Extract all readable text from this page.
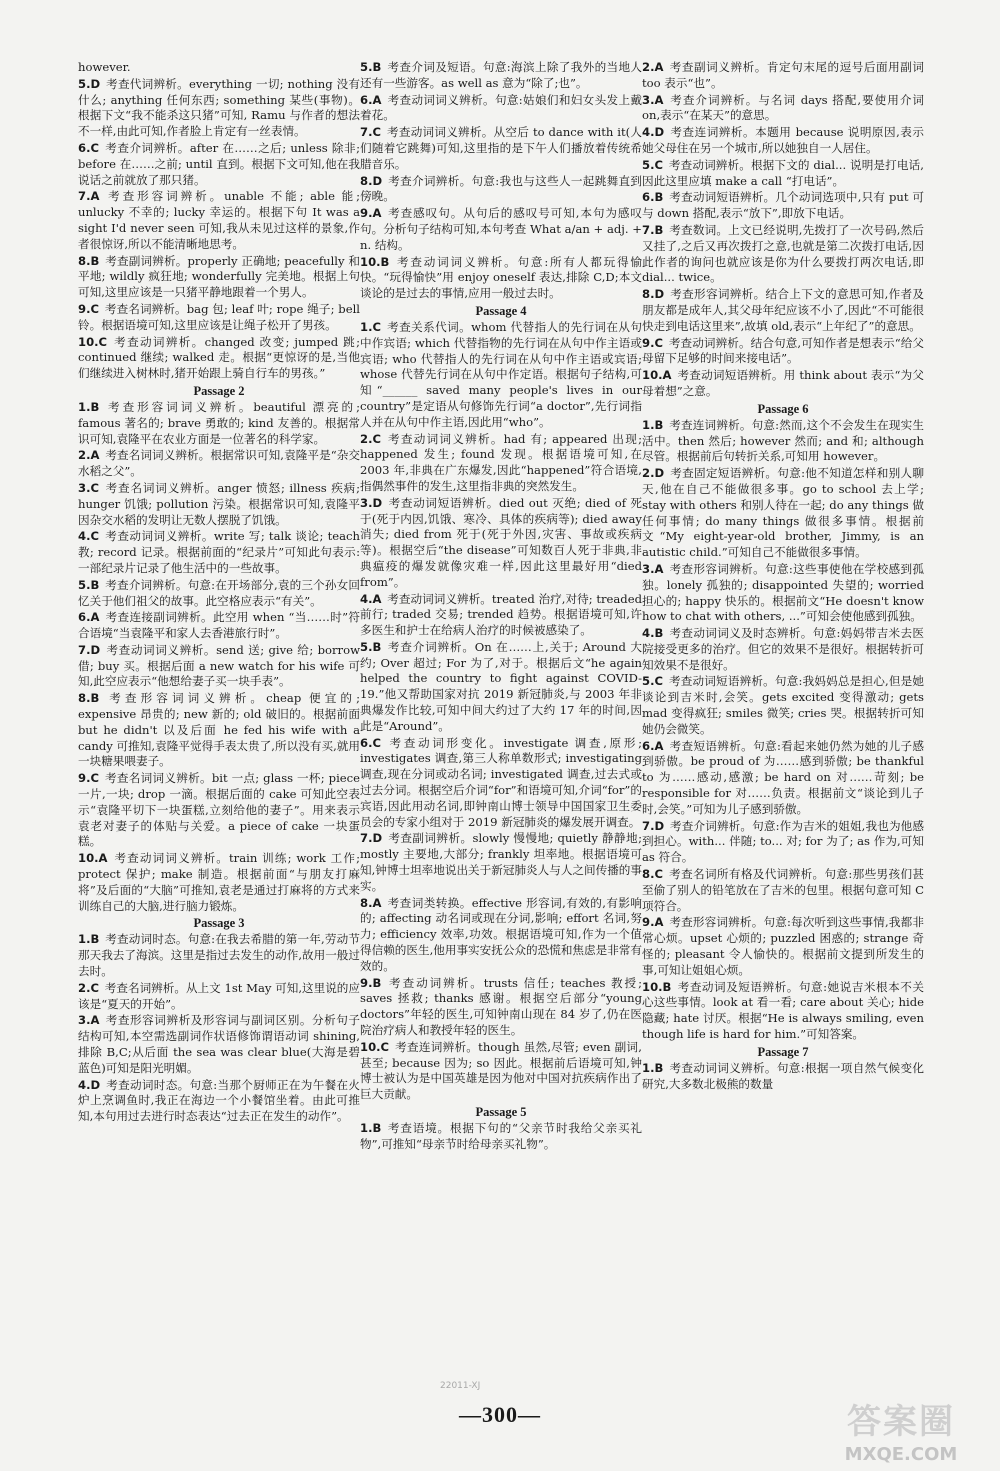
however.
5.D  考查代词辨析。everything 一切; nothing 没有什么; anything 任何东西; something 某些(事物)。根据下文“我不能杀这只猪”可知, Ramu 与作者的想法不一样,由此可知,作者脸上肯定有一丝表情。
6.C  考查介词辨析。after 在……之后; unless 除非; before 在……之前; until 直到。根据下文可知,他在我说话之前就放了那只猪。
7.A  考查形容词辨析。unable 不能; able 能; unlucky 不幸的; lucky 幸运的。根据下句 It was a sight I'd never seen 可知,我从未见过这样的景象,作者很惊讶,所以不能清晰地思考。
8.B  考查副词辨析。properly 正确地; peacefully 和平地; wildly 疯狂地; wonderfully 完美地。根据上句可知,这里应该是一只猪平静地跟着一个男人。
9.C  考查名词辨析。bag 包; leaf 叶; rope 绳子; bell 铃。根据语境可知,这里应该是让绳子松开了男孩。
10.C  考查动词辨析。changed 改变; jumped 跳; continued 继续; walked 走。根据“更惊讶的是,当他们继续进入树林时,猪开始跟上骑自行车的男孩。”
Passage 2
1.B  考查形容词词义辨析。beautiful 漂亮的; famous 著名的; brave 勇敢的; kind 友善的。根据常识可知,袁隆平在农业方面是一位著名的科学家。
2.A  考查名词词义辨析。根据常识可知,袁隆平是“杂交水稻之父”。
3.C  考查名词词义辨析。anger 愤怒; illness 疾病; hunger 饥饿; pollution 污染。根据常识可知,袁隆平因杂交水稻的发明让无数人摆脱了饥饿。
4.C  考查动词词义辨析。write 写; talk 谈论; teach 教; record 记录。根据前面的“纪录片”可知此句表示:一部纪录片记录了他生活中的一些故事。
5.B  考查介词辨析。句意:在开场部分,袁的三个孙女回忆关于他们祖父的故事。此空格应表示“有关”。
6.A  考查连接副词辨析。此空用 when “当……时”符合语境“当袁隆平和家人去香港旅行时”。
7.D  考查动词词义辨析。send 送; give 给; borrow 借; buy 买。根据后面 a new watch for his wife 可知,此空应表示“他想给妻子买一块手表”。
8.B  考查形容词词义辨析。cheap 便宜的; expensive 昂贵的; new 新的; old 破旧的。根据前面 but he didn't 以及后面 he fed his wife with a candy 可推知,袁隆平觉得手表太贵了,所以没有买,就用一块糖果喂妻子。
9.C  考查名词词义辨析。bit 一点; glass 一杯; piece 一片,一块; drop 一滴。根据后面的 cake 可知此空表示“袁隆平切下一块蛋糕,立刻给他的妻子”。用来表示袁老对妻子的体贴与关爱。a piece of cake 一块蛋糕。
10.A  考查动词词义辨析。train 训练; work 工作; protect 保护; make 制造。根据前面“与朋友打麻将”及后面的“大脑”可推知,袁老是通过打麻将的方式来训练自己的大脑,进行脑力锻炼。
Passage 3
1.B  考查动词时态。句意:在我去希腊的第一年,劳动节那天我去了海滨。这里是指过去发生的动作,故用一般过去时。
2.C  考查名词辨析。从上文 1st May 可知,这里说的应该是“夏天的开始”。
3.A  考查形容词辨析及形容词与副词区别。分析句子结构可知,本空需选副词作状语修饰谓语动词 shining,排除 B,C;从后面 the sea was clear blue(大海是碧蓝色)可知是阳光明媚。
4.D  考查动词时态。句意:当那个厨师正在为午餐在火炉上烹调鱼时,我正在海边一个小餐馆坐着。由此可推知,本句用过去进行时态表达“过去正在发生的动作”。
5.B  考查介词及短语。句意:海滨上除了我外的当地人还有一些游客。as well as 意为“除了;也”。
6.A  考查动词词义辨析。句意:姑娘们和妇女头发上戴着花。
7.C  考查动词词义辨析。从空后 to dance with it(人们随着它跳舞)可知,这里指的是下午人们播放着传统希腊音乐。
8.D  考查介词辨析。句意:我也与这些人一起跳舞直到傍晚。
9.A  考查感叹句。从句后的感叹号可知,本句为感叹句。分析句子结构可知,本句考查 What a/an + adj. + n. 结构。
10.B  考查动词词义辨析。句意:所有人都玩得愉快。“玩得愉快”用 enjoy oneself 表达,排除 C,D;本文谈论的是过去的事情,应用一般过去时。
Passage 4
1.C  考查关系代词。whom 代替指人的先行词在从句中作宾语; which 代替指物的先行词在从句中作主语或宾语; who 代替指人的先行词在从句中作主语或宾语; whose 代替先行词在从句中作定语。根据句子结构,可知“______ saved many people's lives in our country”是定语从句修饰先行词“a doctor”,先行词指人并在从句中作主语,因此用“who”。
2.C  考查动词词义辨析。had 有; appeared 出现; happened 发生; found 发现。根据语境可知,在 2003 年,非典在广东爆发,因此“happened”符合语境,指偶然事件的发生,这里指非典的突然发生。
3.D  考查动词短语辨析。died out 灭绝; died of 死于(死于内因,饥饿、寒冷、具体的疾病等); died away 消失; died from 死于(死于外因,灾害、事故或疾病等)。根据空后“the disease”可知数百人死于非典,非典瘟疫的爆发就像灾难一样,因此这里最好用“died from”。
4.A  考查动词词义辨析。treated 治疗,对待; treaded 前行; traded 交易; trended 趋势。根据语境可知,许多医生和护士在给病人治疗的时候被感染了。
5.B  考查介词辨析。On 在……上,关于; Around 大约; Over 超过; For 为了,对于。根据后文“he again helped the country to fight against COVID-19.”他又帮助国家对抗 2019 新冠肺炎,与 2003 年非典爆发作比较,可知中间大约过了大约 17 年的时间,因此是“Around”。
6.C  考查动词形变化。investigate 调查,原形; investigates 调查,第三人称单数形式; investigating 调查,现在分词或动名词; investigated 调查,过去式或过去分词。根据空后介词“for”和语境可知,介词“for”的宾语,因此用动名词,即钟南山博士领导中国国家卫生委员会的专家小组对于 2019 新冠肺炎的爆发展开调查。
7.D  考查副词辨析。slowly 慢慢地; quietly 静静地; mostly 主要地,大部分; frankly 坦率地。根据语境可知,钟博士坦率地说出关于新冠肺炎人与人之间传播的事实。
8.A  考查词类转换。effective 形容词,有效的,有影响的; affecting 动名词或现在分词,影响; effort 名词,努力; efficiency 效率,功效。根据语境可知,作为一个值得信赖的医生,他用事实安抚公众的恐慌和焦虑是非常有效的。
9.B  考查动词辨析。trusts 信任; teaches 教授; saves 拯救; thanks 感谢。根据空后部分“young doctors”年轻的医生,可知钟南山现在 84 岁了,仍在医院治疗病人和教授年轻的医生。
10.C  考查连词辨析。though 虽然,尽管; even 副词,甚至; because 因为; so 因此。根据前后语境可知,钟博士被认为是中国英雄是因为他对中国对抗疾病作出了巨大贡献。
Passage 5
1.B  考查语境。根据下句的“父亲节时我给父亲买礼物”,可推知“母亲节时给母亲买礼物”。
2.A  考查副词义辨析。肯定句末尾的逗号后面用副词 too 表示“也”。
3.A  考查介词辨析。与名词 days 搭配,要使用介词 on,表示“在某天”的意思。
4.D  考查连词辨析。本题用 because 说明原因,表示她父母住在另一个城市,所以她独自一人居住。
5.C  考查动词辨析。根据下文的 dial... 说明是打电话,因此这里应填 make a call “打电话”。
6.B  考查动词短语辨析。几个动词选项中,只有 put 可与 down 搭配,表示“放下”,即放下电话。
7.B  考查数词。上文已经说明,先拨打了一次号码,然后又挂了,之后又再次拨打之意,也就是第二次拨打电话,因此作者的询问也就应该是你为什么要拨打两次电话,即 dial... twice。
8.D  考查形容词辨析。结合上下文的意思可知,作者及朋友都是成年人,其父母年纪应该不小了,因此“不可能很快走到电话这里来”,故填 old,表示“上年纪了”的意思。
9.C  考查动词辨析。结合句意,可知作者是想表示“给父母留下足够的时间来接电话”。
10.A  考查动词短语辨析。用 think about 表示“为父母着想”之意。
Passage 6
1.B  考查连词辨析。句意:然而,这个不会发生在现实生活中。then 然后; however 然而; and 和; although 尽管。根据前后句转折关系,可知用 however。
2.D  考查固定短语辨析。句意:他不知道怎样和别人聊天,他在自己不能做很多事。go to school 去上学; stay with others 和别人待在一起; do any things 做任何事情; do many things 做很多事情。根据前文“My eight-year-old brother, Jimmy, is an autistic child.”可知自己不能做很多事情。
3.A  考查形容词辨析。句意:这些事使他在学校感到孤独。lonely 孤独的; disappointed 失望的; worried 担心的; happy 快乐的。根据前文“He doesn't know how to chat with others, ...”可知会使他感到孤独。
4.B  考查动词词义及时态辨析。句意:妈妈带吉米去医院接受更多的治疗。但它的效果不是很好。根据转折可知效果不是很好。
5.C  考查动词短语辨析。句意:我妈妈总是担心,但是她谈论到吉米时,会笑。gets excited 变得激动; gets mad 变得疯狂; smiles 微笑; cries 哭。根据转折可知她仍会微笑。
6.A  考查短语辨析。句意:看起来她仍然为她的儿子感到骄傲。be proud of 为……感到骄傲; be thankful to 为……感动,感激; be hard on 对……苛刻; be responsible for 对……负责。根据前文“谈论到儿子时,会笑。”可知为儿子感到骄傲。
7.D  考查介词辨析。句意:作为吉米的姐姐,我也为他感到担心。with... 伴随; to... 对; for 为了; as 作为,可知 as 符合。
8.C  考查名词所有格及代词辨析。句意:那些男孩们甚至偷了别人的铅笔放在了吉米的包里。根据句意可知 C 项符合。
9.A  考查形容词辨析。句意:每次听到这些事情,我都非常心烦。upset 心烦的; puzzled 困惑的; strange 奇怪的; pleasant 令人愉快的。根据前文提到所发生的事,可知让姐姐心烦。
10.B  考查动词及短语辨析。句意:她说吉米根本不关心这些事情。look at 看一看; care about 关心; hide 隐藏; hate 讨厌。根据“He is always smiling, even though life is hard for him.”可知答案。
Passage 7
1.B  考查动词词义辨析。句意:根据一项自然气候变化研究,大多数北极熊的数量
22011-XJ
—300—	答案圈
MXQE.COM
